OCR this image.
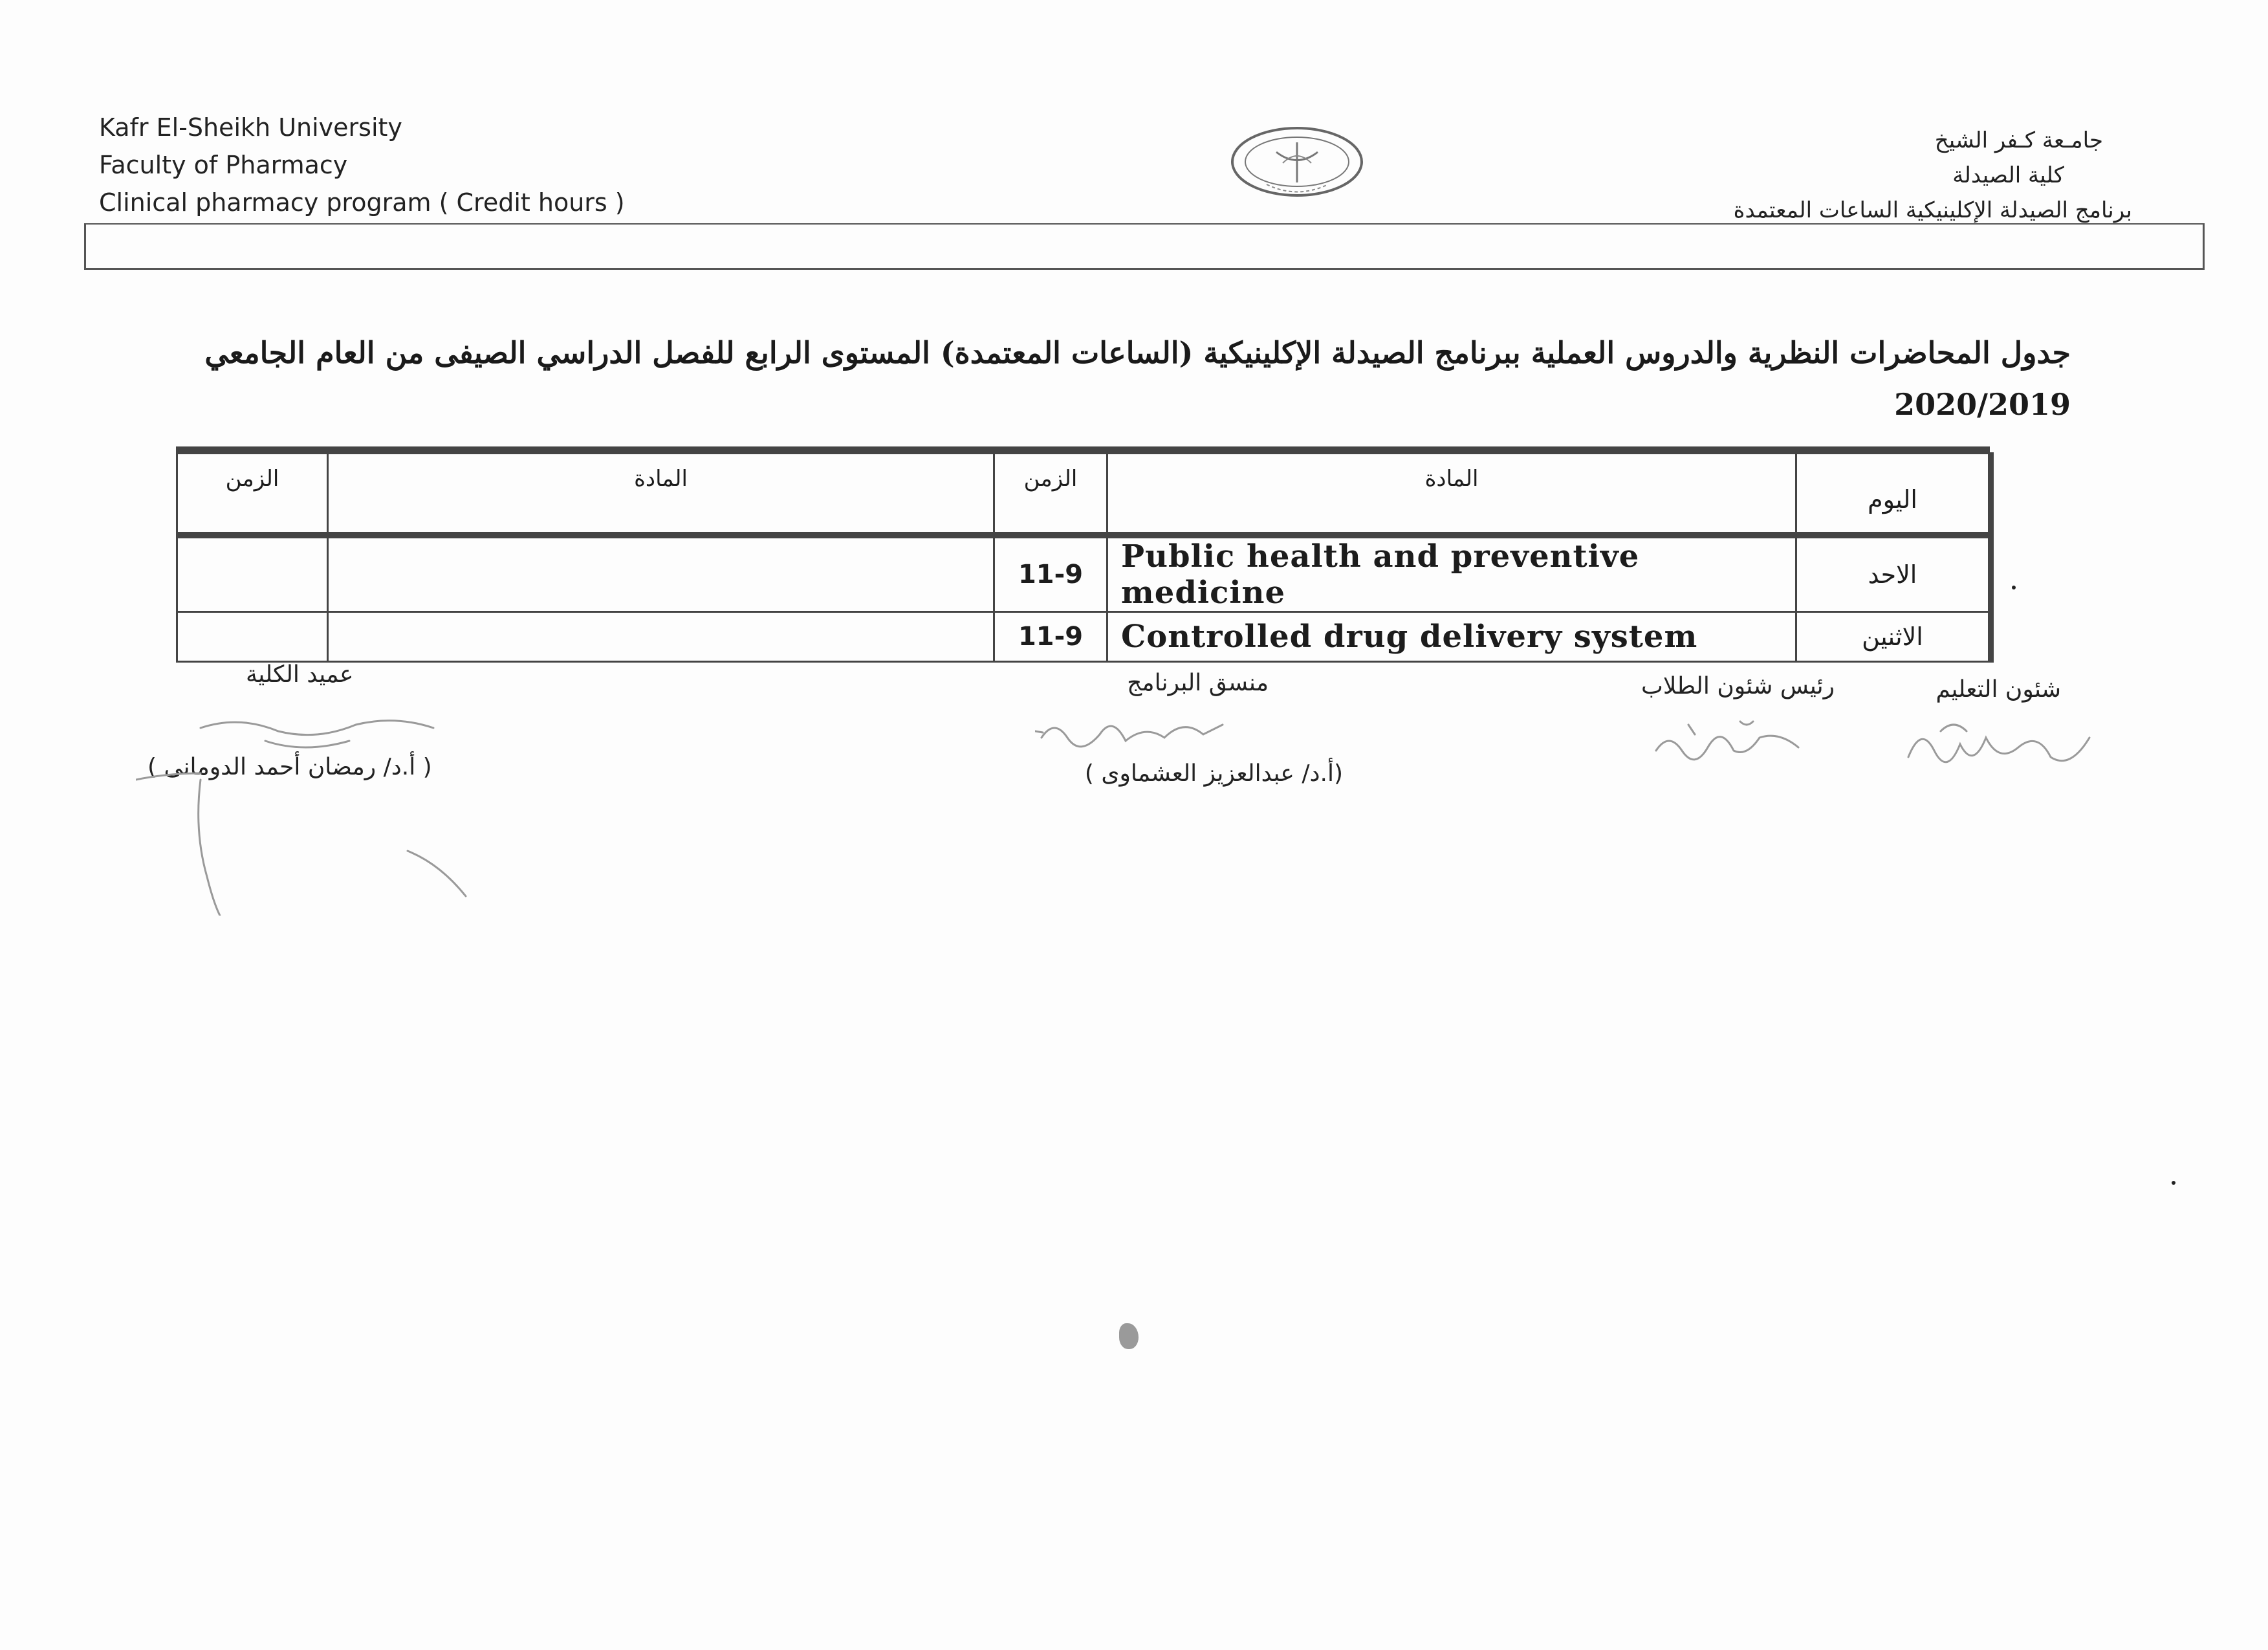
Kafr El-Sheikh University
Faculty of Pharmacy
Clinical pharmacy program ( Credit hours )
جامـعة كـفر الشيخ
كلية الصيدلة
برنامج الصيدلة الإكلينيكية الساعات المعتمدة
جدول المحاضرات النظرية والدروس العملية ببرنامج الصيدلة الإكلينيكية (الساعات المعتمدة) المستوى الرابع للفصل الدراسي الصيفى من العام الجامعي
2020/2019
الزمن	المادة	الزمن	المادة	اليوم
		11-9	Public health and preventive medicine	الاحد
		11-9	Controlled drug delivery system	الاثنين
شئون التعليم
رئيس شئون الطلاب
منسق البرنامج
(أ.د/ عبدالعزيز العشماوى )
عميد الكلية
( أ.د/ رمضان أحمد الدومانى )
